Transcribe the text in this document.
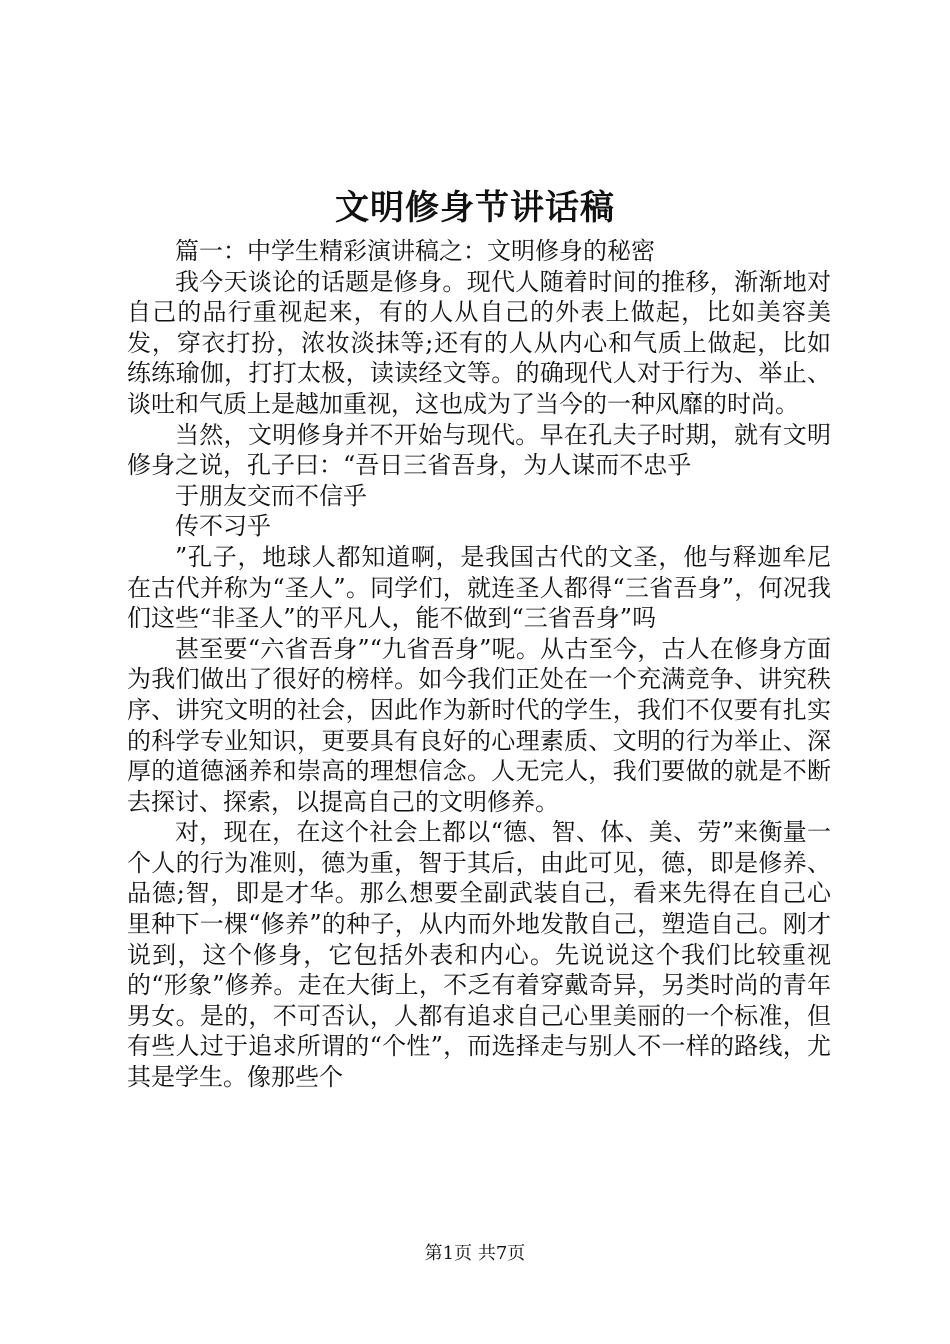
文明修身节讲话稿

篇一：中学生精彩演讲稿之：文明修身的秘密

我今天谈论的话题是修身。现代人随着时间的推移，渐渐地对自己的品行重视起来，有的人从自己的外表上做起，比如美容美发，穿衣打扮，浓妆淡抹等;还有的人从内心和气质上做起，比如练练瑜伽，打打太极，读读经文等。的确现代人对于行为、举止、谈吐和气质上是越加重视，这也成为了当今的一种风靡的时尚。

当然，文明修身并不开始与现代。早在孔夫子时期，就有文明修身之说，孔子曰：“吾日三省吾身，为人谋而不忠乎

于朋友交而不信乎

传不习乎

”孔子，地球人都知道啊，是我国古代的文圣，他与释迦牟尼在古代并称为“圣人”。同学们，就连圣人都得“三省吾身”，何况我们这些“非圣人”的平凡人，能不做到“三省吾身”吗

甚至要“六省吾身”“九省吾身”呢。从古至今，古人在修身方面为我们做出了很好的榜样。如今我们正处在一个充满竞争、讲究秩序、讲究文明的社会，因此作为新时代的学生，我们不仅要有扎实的科学专业知识，更要具有良好的心理素质、文明的行为举止、深厚的道德涵养和崇高的理想信念。人无完人，我们要做的就是不断去探讨、探索，以提高自己的文明修养。

对，现在，在这个社会上都以“德、智、体、美、劳”来衡量一个人的行为准则，德为重，智于其后，由此可见，德，即是修养、品德;智，即是才华。那么想要全副武装自己，看来先得在自己心里种下一棵“修养”的种子，从内而外地发散自己，塑造自己。刚才说到，这个修身，它包括外表和内心。先说说这个我们比较重视的“形象”修养。走在大街上，不乏有着穿戴奇异，另类时尚的青年男女。是的，不可否认，人都有追求自己心里美丽的一个标准，但有些人过于追求所谓的“个性”，而选择走与别人不一样的路线，尤其是学生。像那些个

第1页 共7页
